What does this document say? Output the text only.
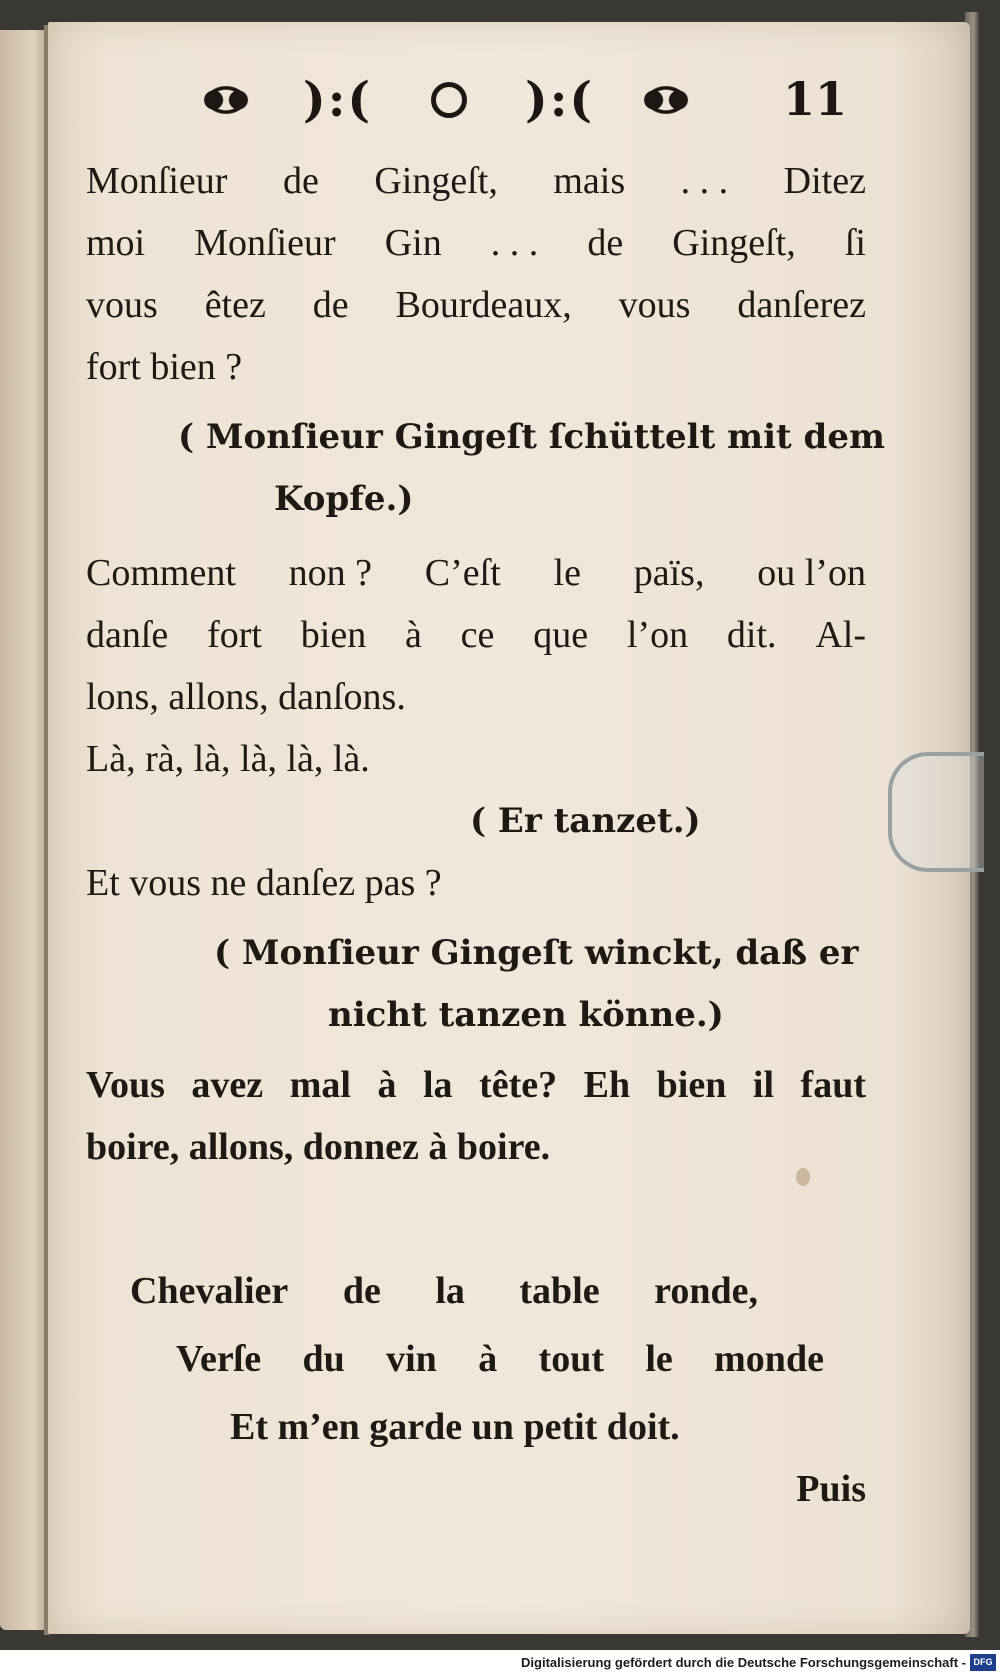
):(	):(	11
Monſieur de Gingeſt, mais . . . Ditez
moi Monſieur Gin . . . de Gingeſt, ſi
vous êtez de Bourdeaux, vous danſerez
fort bien ?
( Monſieur Gingeſt ſchüttelt mit dem
Kopfe.)
Comment non ? C’eſt le païs, ou l’on
danſe fort bien à ce que l’on dit. Al-
lons, allons, danſons.
Là, rà, là, là, là, là.
( Er tanzet.)
Et vous ne danſez pas ?
( Monſieur Gingeſt winckt, daß er
nicht tanzen könne.)
Vous avez mal à la tête? Eh bien il faut
boire, allons, donnez à boire.
Chevalier de la table ronde,
Verſe du vin à tout le monde
Et m’en garde un petit doit.
Puis
Digitalisierung gefördert durch die Deutsche Forschungsgemeinschaft - DFG
